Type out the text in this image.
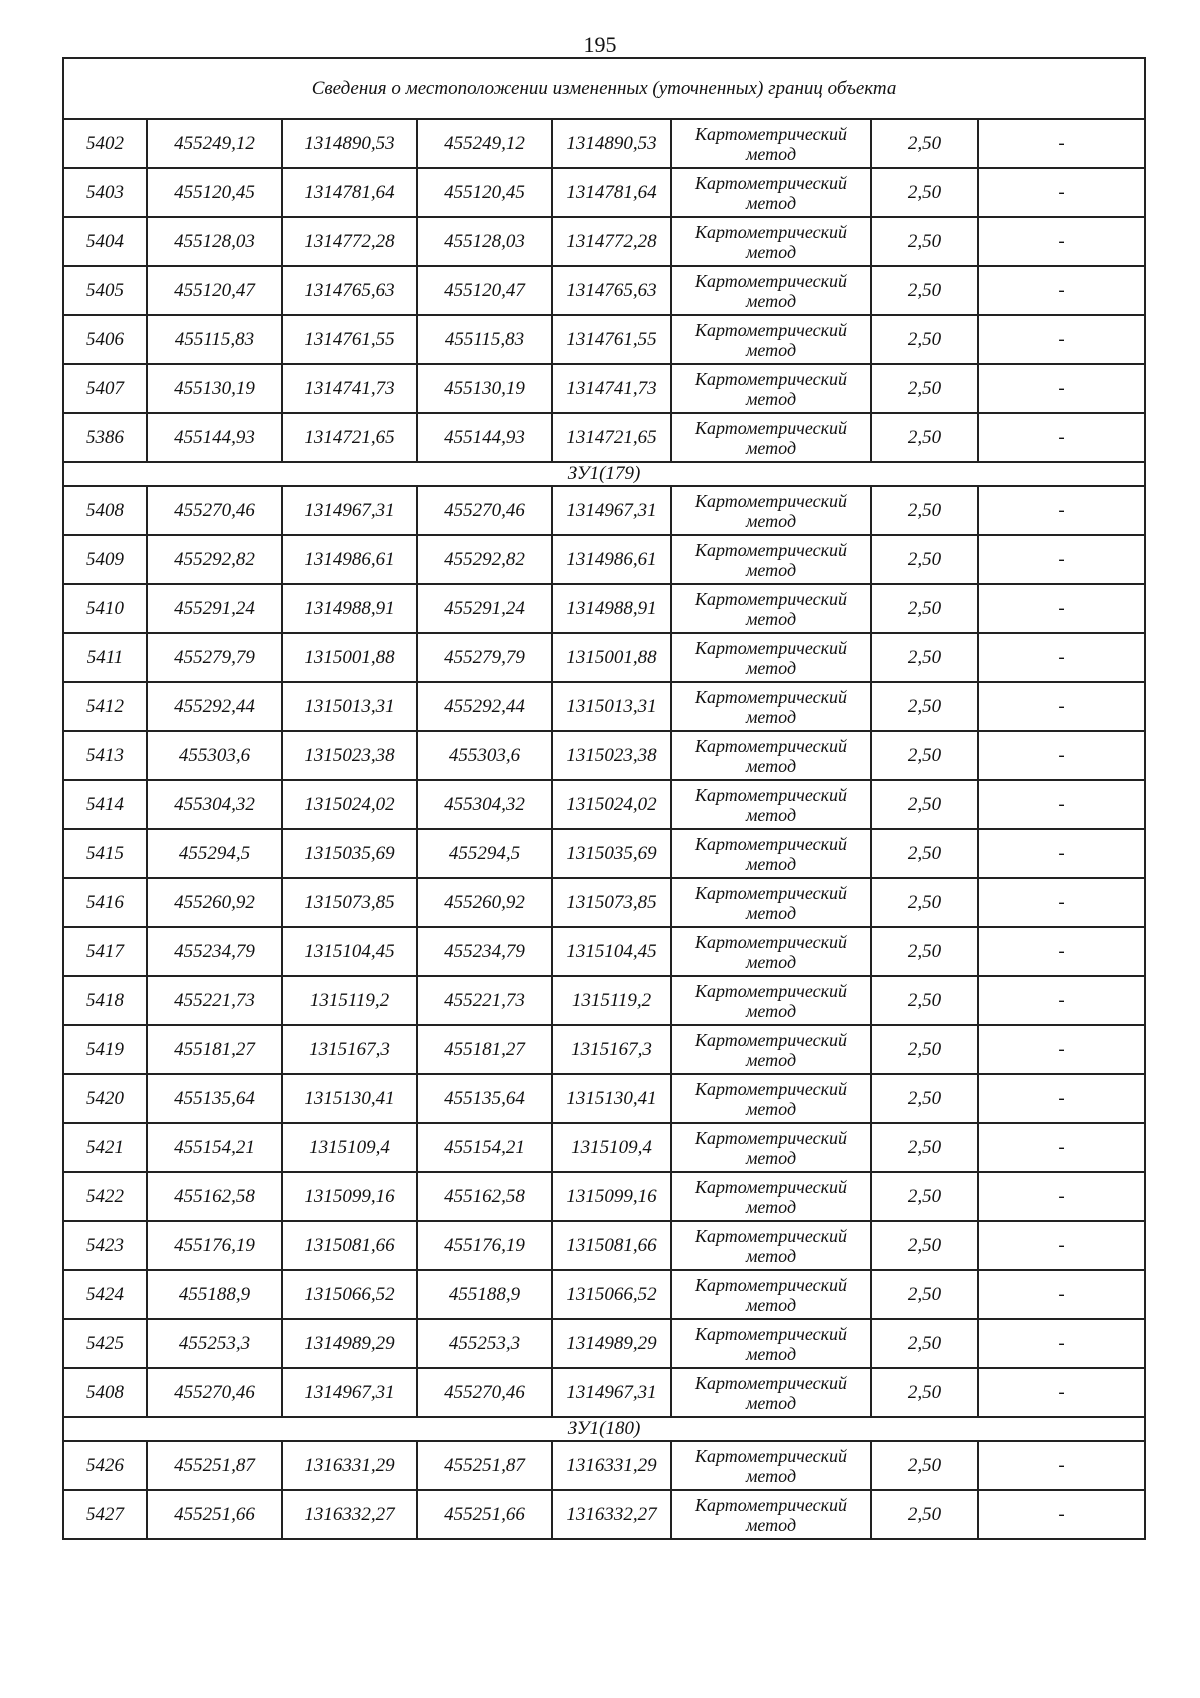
195
Сведения о местоположении измененных (уточненных) границ объекта							
5402	455249,12	1314890,53	455249,12	1314890,53	Картометрический
метод	2,50	-
5403	455120,45	1314781,64	455120,45	1314781,64	Картометрический
метод	2,50	-
5404	455128,03	1314772,28	455128,03	1314772,28	Картометрический
метод	2,50	-
5405	455120,47	1314765,63	455120,47	1314765,63	Картометрический
метод	2,50	-
5406	455115,83	1314761,55	455115,83	1314761,55	Картометрический
метод	2,50	-
5407	455130,19	1314741,73	455130,19	1314741,73	Картометрический
метод	2,50	-
5386	455144,93	1314721,65	455144,93	1314721,65	Картометрический
метод	2,50	-
ЗУ1(179)							
5408	455270,46	1314967,31	455270,46	1314967,31	Картометрический
метод	2,50	-
5409	455292,82	1314986,61	455292,82	1314986,61	Картометрический
метод	2,50	-
5410	455291,24	1314988,91	455291,24	1314988,91	Картометрический
метод	2,50	-
5411	455279,79	1315001,88	455279,79	1315001,88	Картометрический
метод	2,50	-
5412	455292,44	1315013,31	455292,44	1315013,31	Картометрический
метод	2,50	-
5413	455303,6	1315023,38	455303,6	1315023,38	Картометрический
метод	2,50	-
5414	455304,32	1315024,02	455304,32	1315024,02	Картометрический
метод	2,50	-
5415	455294,5	1315035,69	455294,5	1315035,69	Картометрический
метод	2,50	-
5416	455260,92	1315073,85	455260,92	1315073,85	Картометрический
метод	2,50	-
5417	455234,79	1315104,45	455234,79	1315104,45	Картометрический
метод	2,50	-
5418	455221,73	1315119,2	455221,73	1315119,2	Картометрический
метод	2,50	-
5419	455181,27	1315167,3	455181,27	1315167,3	Картометрический
метод	2,50	-
5420	455135,64	1315130,41	455135,64	1315130,41	Картометрический
метод	2,50	-
5421	455154,21	1315109,4	455154,21	1315109,4	Картометрический
метод	2,50	-
5422	455162,58	1315099,16	455162,58	1315099,16	Картометрический
метод	2,50	-
5423	455176,19	1315081,66	455176,19	1315081,66	Картометрический
метод	2,50	-
5424	455188,9	1315066,52	455188,9	1315066,52	Картометрический
метод	2,50	-
5425	455253,3	1314989,29	455253,3	1314989,29	Картометрический
метод	2,50	-
5408	455270,46	1314967,31	455270,46	1314967,31	Картометрический
метод	2,50	-
ЗУ1(180)							
5426	455251,87	1316331,29	455251,87	1316331,29	Картометрический
метод	2,50	-
5427	455251,66	1316332,27	455251,66	1316332,27	Картометрический
метод	2,50	-
